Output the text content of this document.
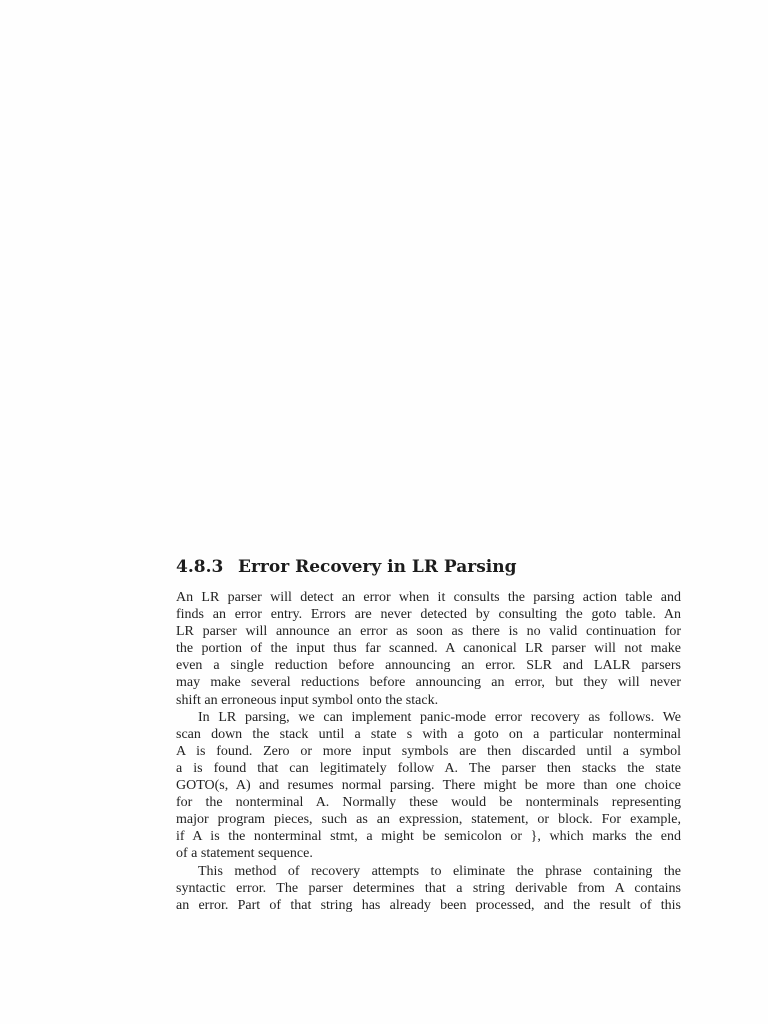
4.8.3 Error Recovery in LR Parsing
An LR parser will detect an error when it consults the parsing action table and
finds an error entry. Errors are never detected by consulting the goto table. An
LR parser will announce an error as soon as there is no valid continuation for
the portion of the input thus far scanned. A canonical LR parser will not make
even a single reduction before announcing an error. SLR and LALR parsers
may make several reductions before announcing an error, but they will never
shift an erroneous input symbol onto the stack.
In LR parsing, we can implement panic-mode error recovery as follows. We
scan down the stack until a state s with a goto on a particular nonterminal
A is found. Zero or more input symbols are then discarded until a symbol
a is found that can legitimately follow A. The parser then stacks the state
GOTO(s, A) and resumes normal parsing. There might be more than one choice
for the nonterminal A. Normally these would be nonterminals representing
major program pieces, such as an expression, statement, or block. For example,
if A is the nonterminal stmt, a might be semicolon or }, which marks the end
of a statement sequence.
This method of recovery attempts to eliminate the phrase containing the
syntactic error. The parser determines that a string derivable from A contains
an error. Part of that string has already been processed, and the result of this
